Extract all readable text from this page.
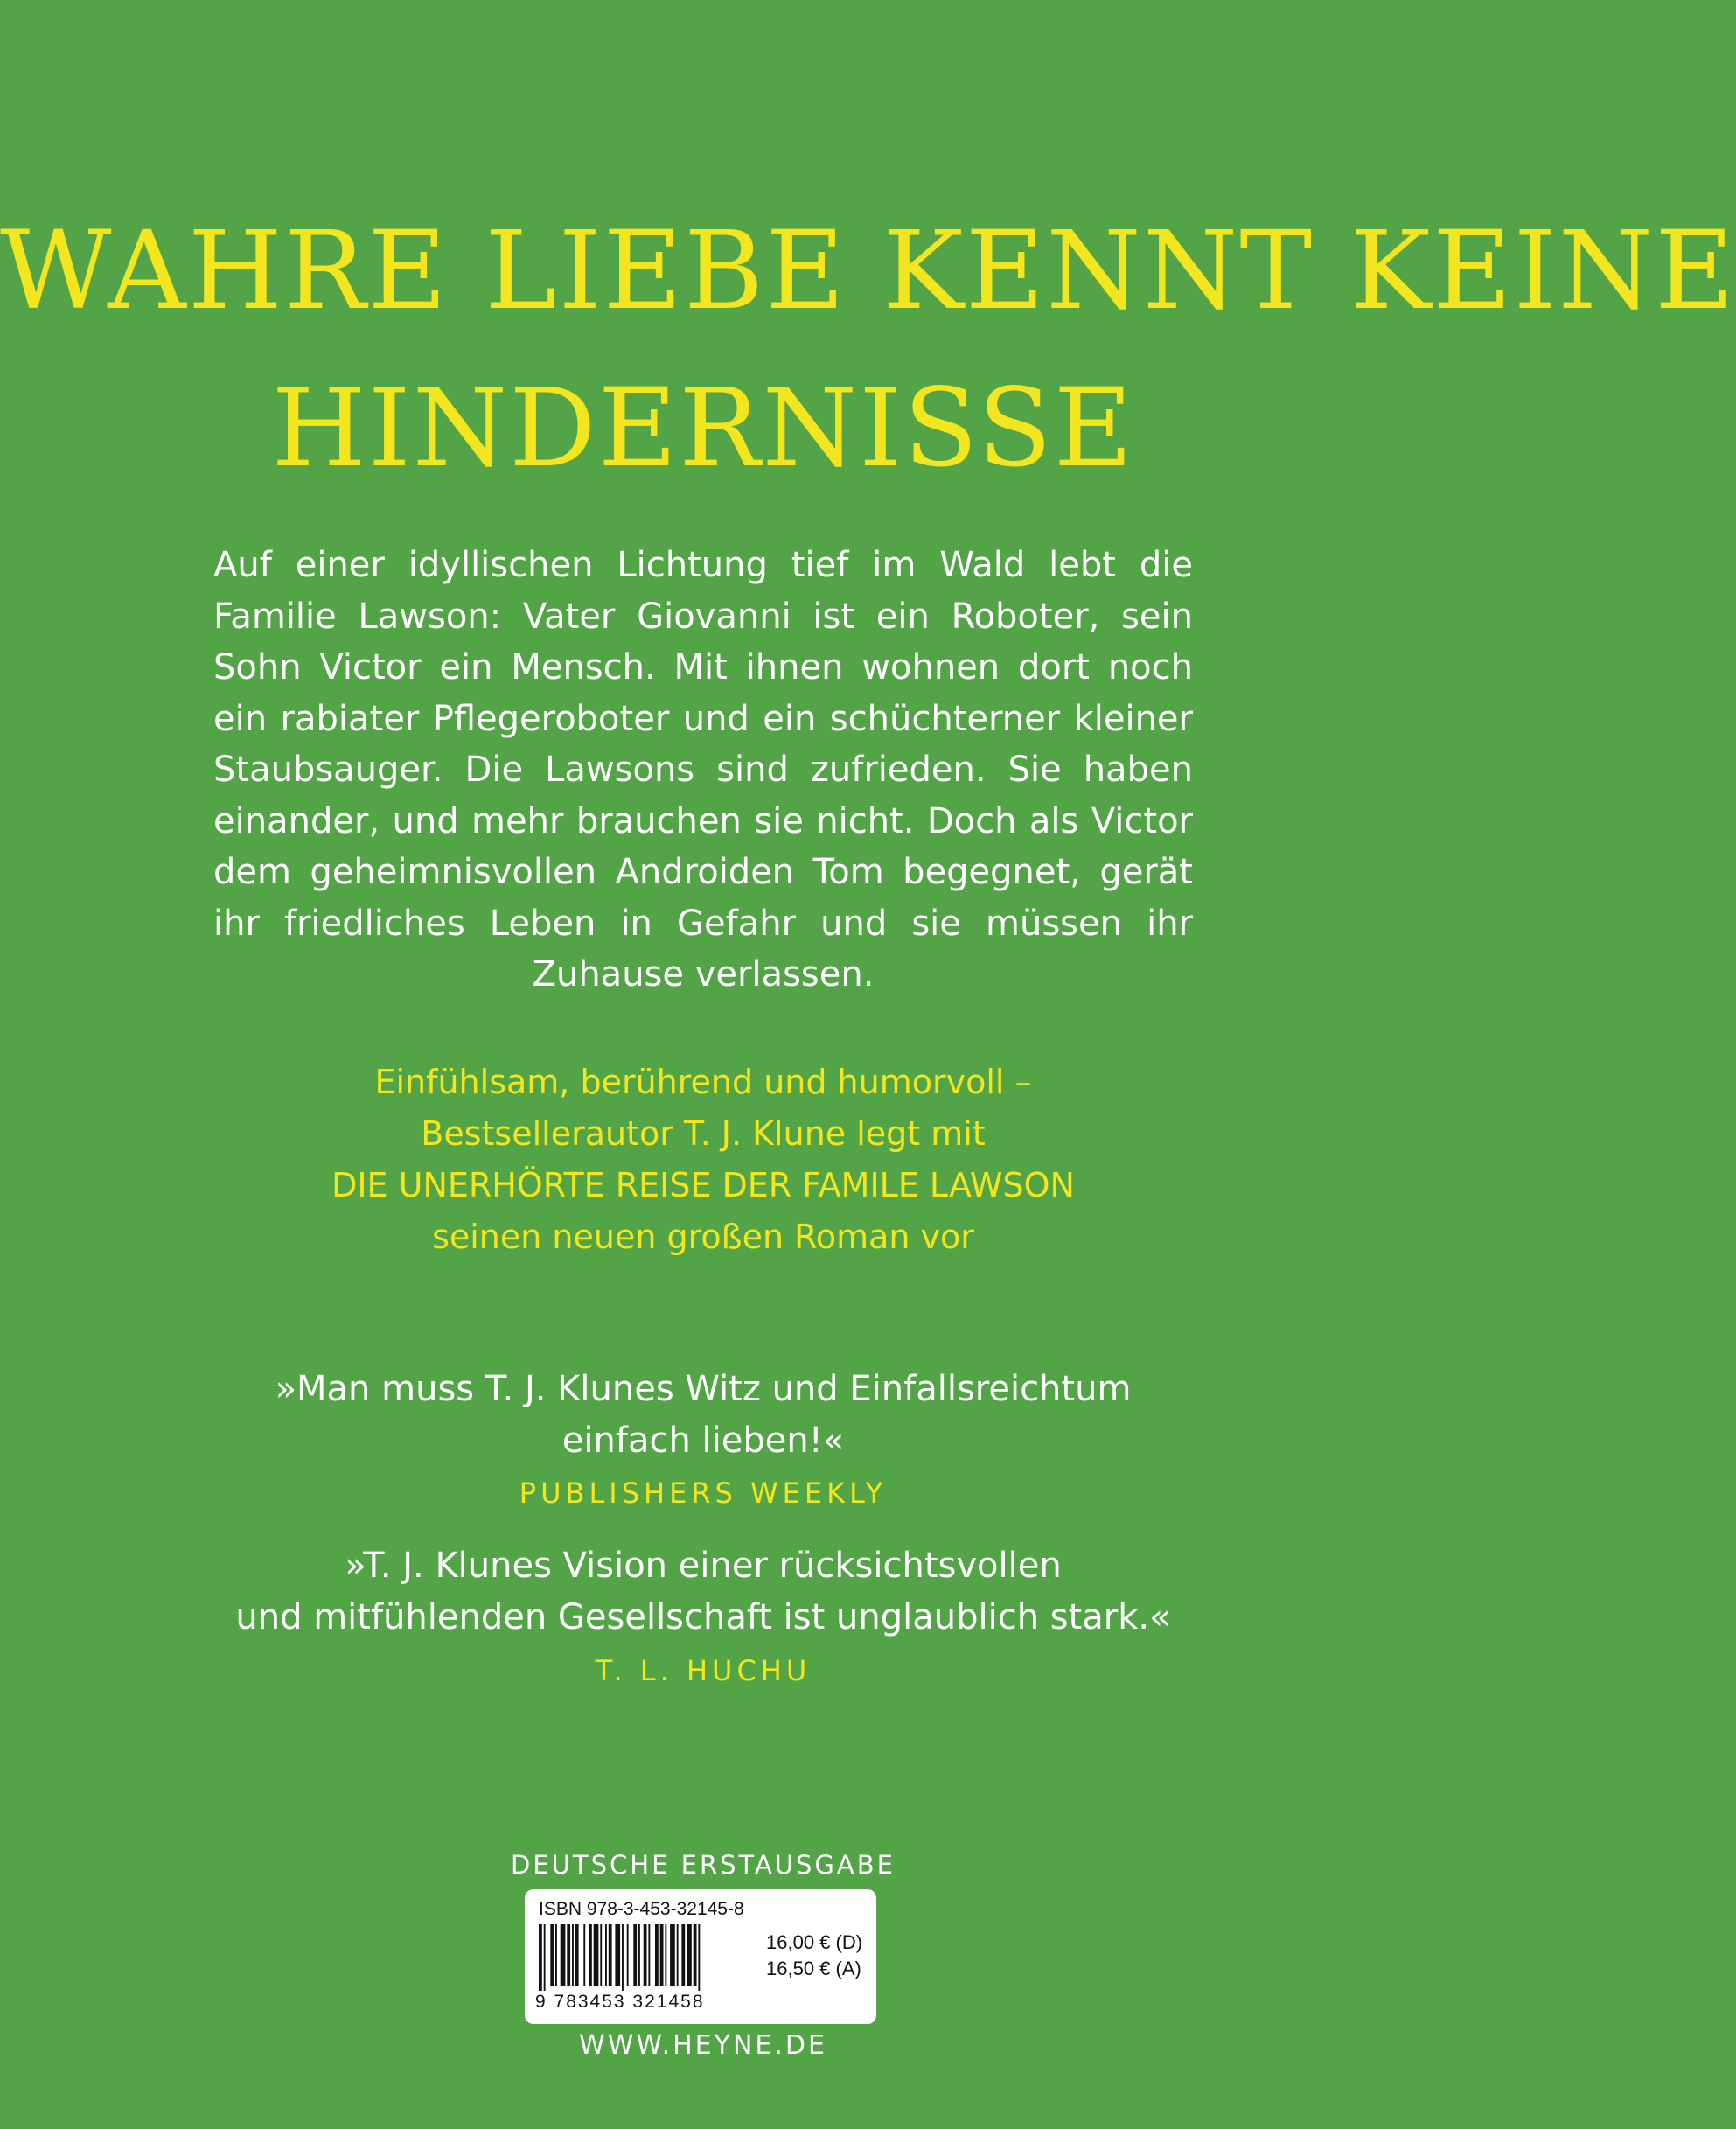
WAHRE LIEBE KENNT KEINE
HINDERNISSE

Auf einer idyllischen Lichtung tief im Wald lebt die Familie Lawson: Vater Giovanni ist ein Roboter, sein Sohn Victor ein Mensch. Mit ihnen wohnen dort noch ein rabiater Pflegeroboter und ein schüchterner kleiner Staubsauger. Die Lawsons sind zufrieden. Sie haben einander, und mehr brauchen sie nicht. Doch als Victor dem geheimnisvollen Androiden Tom begegnet, gerät ihr friedliches Leben in Gefahr und sie müssen ihr Zuhause verlassen.

Einfühlsam, berührend und humorvoll –
Bestsellerautor T. J. Klune legt mit
DIE UNERHÖRTE REISE DER FAMILE LAWSON
seinen neuen großen Roman vor
»Man muss T. J. Klunes Witz und Einfallsreichtum
einfach lieben!«
PUBLISHERS WEEKLY
»T. J. Klunes Vision einer rücksichtsvollen
und mitfühlenden Gesellschaft ist unglaublich stark.«
T. L. HUCHU
DEUTSCHE ERSTAUSGABE
ISBN 978-3-453-32145-8
9 783453 321458
16,00 € (D)
16,50 € (A)
WWW.HEYNE.DE
